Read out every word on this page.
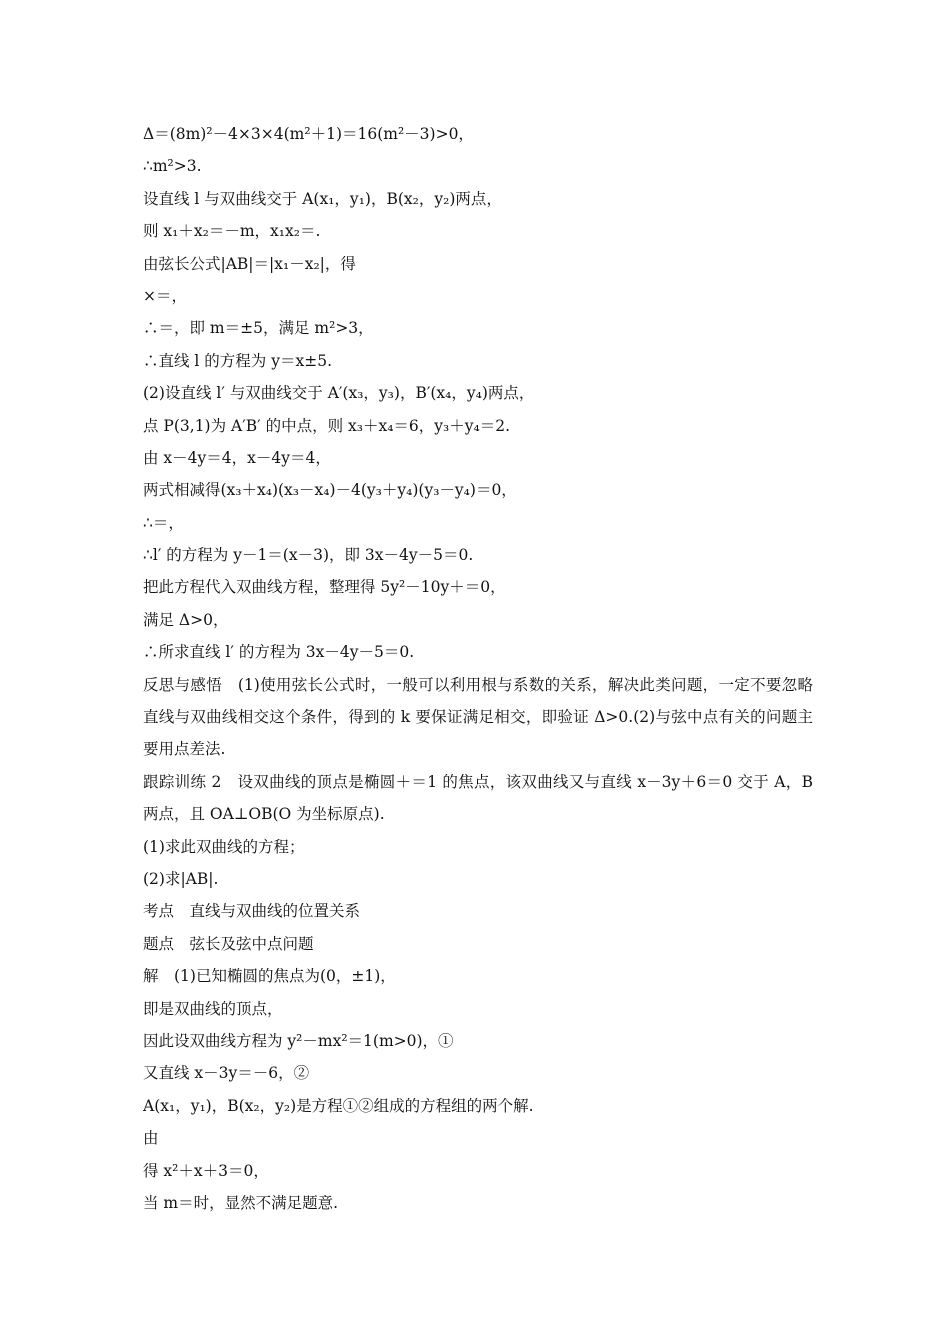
Δ＝(8m)²－4×3×4(m²＋1)＝16(m²－3)>0，
∴m²>3.
设直线 l 与双曲线交于 A(x₁，y₁)，B(x₂，y₂)两点，
则 x₁＋x₂＝－m，x₁x₂＝.
由弦长公式|AB|＝|x₁－x₂|，得
×＝，
∴＝，即 m＝±5，满足 m²>3，
∴直线 l 的方程为 y＝x±5.
(2)设直线 l′ 与双曲线交于 A′(x₃，y₃)，B′(x₄，y₄)两点，
点 P(3,1)为 A′B′ 的中点，则 x₃＋x₄＝6，y₃＋y₄＝2.
由 x－4y＝4，x－4y＝4，
两式相减得(x₃＋x₄)(x₃－x₄)－4(y₃＋y₄)(y₃－y₄)＝0，
∴＝，
∴l′ 的方程为 y－1＝(x－3)，即 3x－4y－5＝0.
把此方程代入双曲线方程，整理得 5y²－10y＋＝0，
满足 Δ>0，
∴所求直线 l′ 的方程为 3x－4y－5＝0.
反思与感悟　(1)使用弦长公式时，一般可以利用根与系数的关系，解决此类问题，一定不要忽略直线与双曲线相交这个条件，得到的 k 要保证满足相交，即验证 Δ>0.(2)与弦中点有关的问题主要用点差法.
跟踪训练 2　设双曲线的顶点是椭圆＋＝1 的焦点，该双曲线又与直线 x－3y＋6＝0 交于 A，B 两点，且 OA⊥OB(O 为坐标原点).
(1)求此双曲线的方程；
(2)求|AB|.
考点　直线与双曲线的位置关系
题点　弦长及弦中点问题
解　(1)已知椭圆的焦点为(0，±1)，
即是双曲线的顶点，
因此设双曲线方程为 y²－mx²＝1(m>0)，①
又直线 x－3y＝－6，②
A(x₁，y₁)，B(x₂，y₂)是方程①②组成的方程组的两个解.
由
得 x²＋x＋3＝0，
当 m＝时，显然不满足题意.
